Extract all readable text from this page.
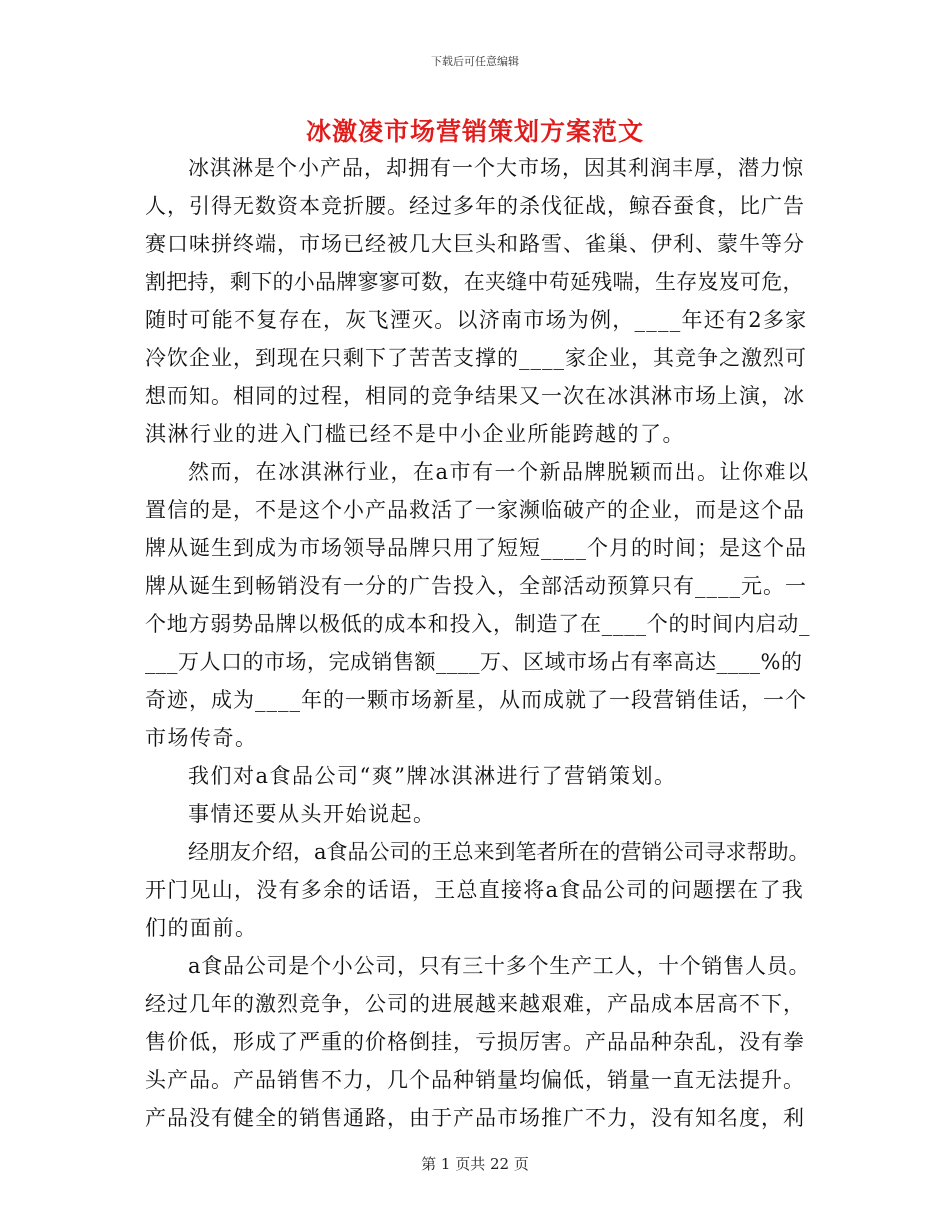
下载后可任意编辑
冰激凌市场营销策划方案范文
冰淇淋是个小产品，却拥有一个大市场，因其利润丰厚，潜力惊
人，引得无数资本竞折腰。经过多年的杀伐征战，鲸吞蚕食，比广告
赛口味拼终端，市场已经被几大巨头和路雪、雀巢、伊利、蒙牛等分
割把持，剩下的小品牌寥寥可数，在夹缝中苟延残喘，生存岌岌可危，
随时可能不复存在，灰飞湮灭。以济南市场为例，____年还有2多家
冷饮企业，到现在只剩下了苦苦支撑的____家企业，其竞争之激烈可
想而知。相同的过程，相同的竞争结果又一次在冰淇淋市场上演，冰
淇淋行业的进入门槛已经不是中小企业所能跨越的了。
然而，在冰淇淋行业，在a市有一个新品牌脱颖而出。让你难以
置信的是，不是这个小产品救活了一家濒临破产的企业，而是这个品
牌从诞生到成为市场领导品牌只用了短短____个月的时间；是这个品
牌从诞生到畅销没有一分的广告投入，全部活动预算只有____元。一
个地方弱势品牌以极低的成本和投入，制造了在____个的时间内启动_
___万人口的市场，完成销售额____万、区域市场占有率高达____%的
奇迹，成为____年的一颗市场新星，从而成就了一段营销佳话，一个
市场传奇。
我们对a食品公司“爽”牌冰淇淋进行了营销策划。
事情还要从头开始说起。
经朋友介绍，a食品公司的王总来到笔者所在的营销公司寻求帮助。
开门见山，没有多余的话语，王总直接将a食品公司的问题摆在了我
们的面前。
a食品公司是个小公司，只有三十多个生产工人，十个销售人员。
经过几年的激烈竞争，公司的进展越来越艰难，产品成本居高不下，
售价低，形成了严重的价格倒挂，亏损厉害。产品品种杂乱，没有拳
头产品。产品销售不力，几个品种销量均偏低，销量一直无法提升。
产品没有健全的销售通路，由于产品市场推广不力，没有知名度，利
第 1 页共 22 页
